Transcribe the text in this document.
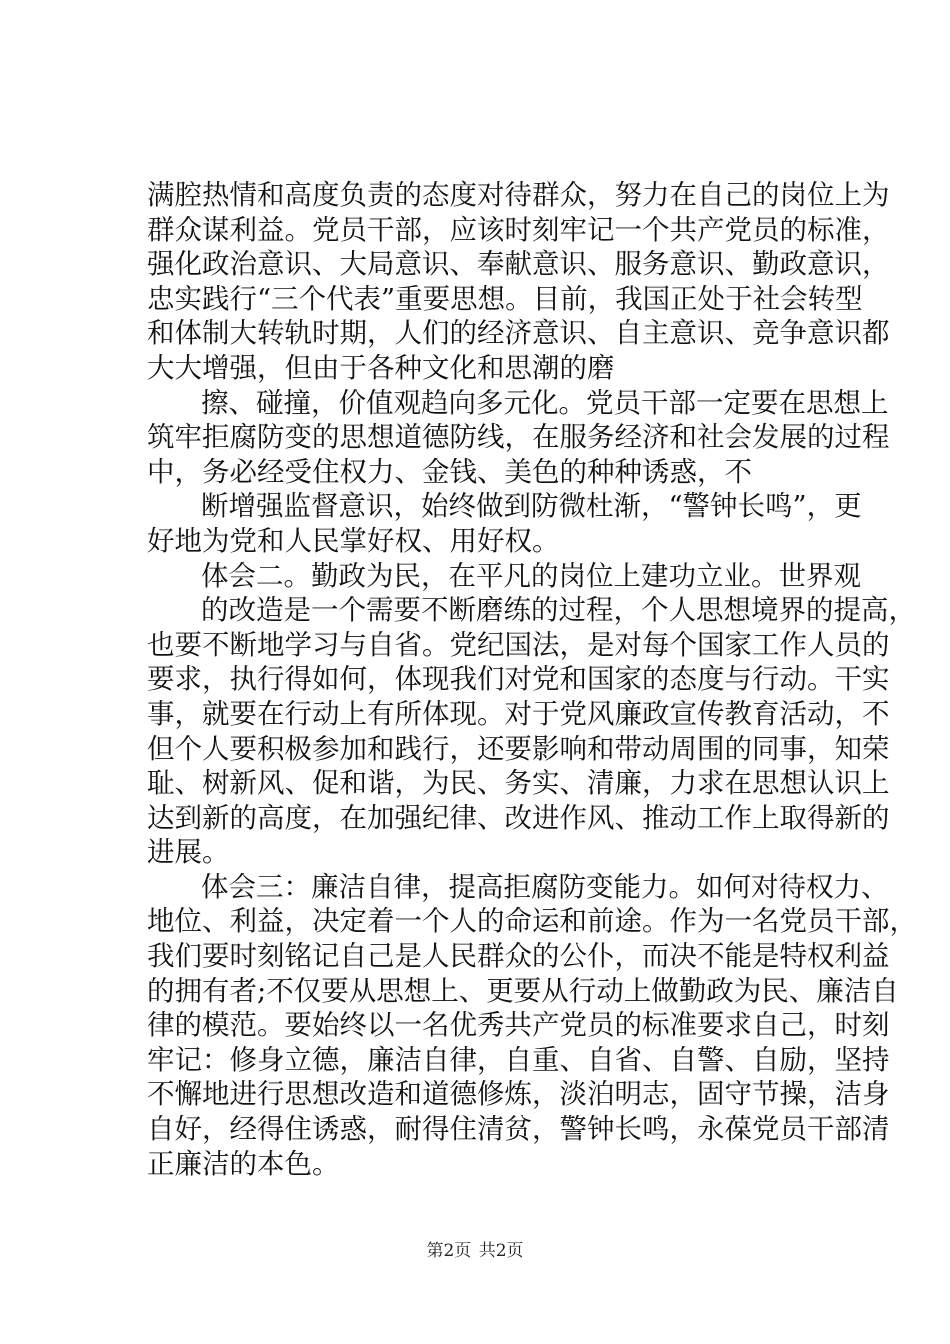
满腔热情和高度负责的态度对待群众，努力在自己的岗位上为
群众谋利益。党员干部，应该时刻牢记一个共产党员的标准，
强化政治意识、大局意识、奉献意识、服务意识、勤政意识，
忠实践行“三个代表”重要思想。目前，我国正处于社会转型
和体制大转轨时期，人们的经济意识、自主意识、竞争意识都
大大增强，但由于各种文化和思潮的磨
擦、碰撞，价值观趋向多元化。党员干部一定要在思想上
筑牢拒腐防变的思想道德防线，在服务经济和社会发展的过程
中，务必经受住权力、金钱、美色的种种诱惑，不
断增强监督意识，始终做到防微杜渐，“警钟长鸣”，更
好地为党和人民掌好权、用好权。
体会二。勤政为民，在平凡的岗位上建功立业。世界观
的改造是一个需要不断磨练的过程，个人思想境界的提高，
也要不断地学习与自省。党纪国法，是对每个国家工作人员的
要求，执行得如何，体现我们对党和国家的态度与行动。干实
事，就要在行动上有所体现。对于党风廉政宣传教育活动，不
但个人要积极参加和践行，还要影响和带动周围的同事，知荣
耻、树新风、促和谐，为民、务实、清廉，力求在思想认识上
达到新的高度，在加强纪律、改进作风、推动工作上取得新的
进展。
体会三：廉洁自律，提高拒腐防变能力。如何对待权力、
地位、利益，决定着一个人的命运和前途。作为一名党员干部，
我们要时刻铭记自己是人民群众的公仆，而决不能是特权利益
的拥有者;不仅要从思想上、更要从行动上做勤政为民、廉洁自
律的模范。要始终以一名优秀共产党员的标准要求自己，时刻
牢记：修身立德，廉洁自律，自重、自省、自警、自励，坚持
不懈地进行思想改造和道德修炼，淡泊明志，固守节操，洁身
自好，经得住诱惑，耐得住清贫，警钟长鸣，永葆党员干部清
正廉洁的本色。
第2页 共2页
